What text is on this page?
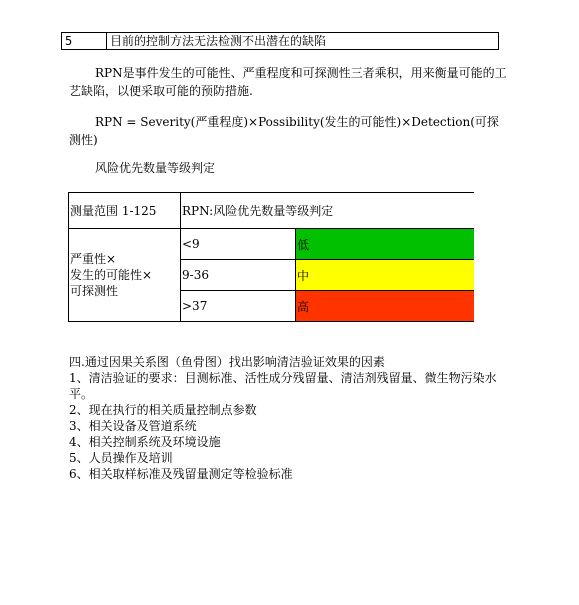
5	目前的控制方法无法检测不出潜在的缺陷
RPN是事件发生的可能性、严重程度和可探测性三者乘积，用来衡量可能的工艺缺陷，以便采取可能的预防措施.
RPN = Severity(严重程度)×Possibility(发生的可能性)×Detection(可探测性)
风险优先数量等级判定
测量范围 1-125	RPN:风险优先数量等级判定	
严重性×
发生的可能性×
可探测性	<9	低
	9-36	中
	>37	高
四.通过因果关系图（鱼骨图）找出影响清洁验证效果的因素
1、清洁验证的要求：目测标准、活性成分残留量、清洁剂残留量、微生物污染水平。
2、现在执行的相关质量控制点参数
3、相关设备及管道系统
4、相关控制系统及环境设施
5、人员操作及培训
6、相关取样标准及残留量测定等检验标准
